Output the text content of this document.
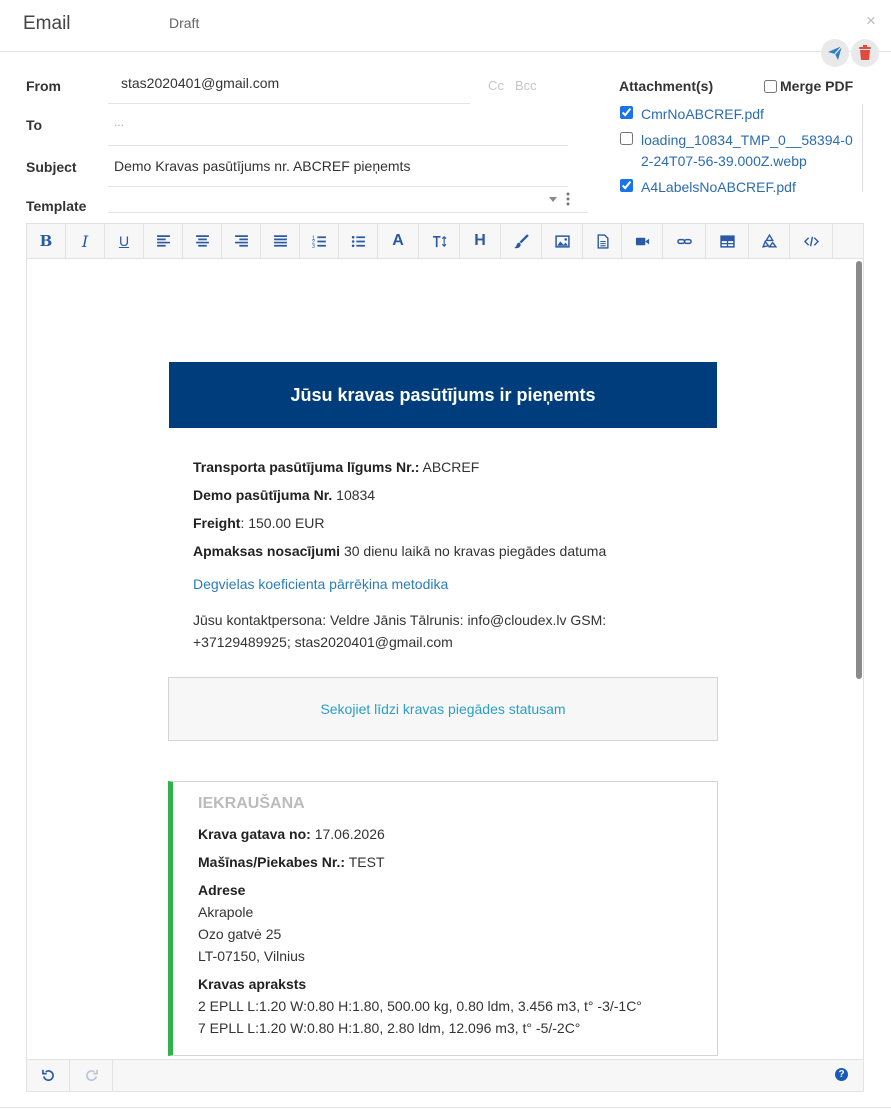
Email	Draft	×
From	stas2020401@gmail.com	Cc Bcc
To	...
Subject	Demo Kravas pasūtījums nr. ABCREF pieņemts
Template
Attachment(s)	Merge PDF
CmrNoABCREF.pdf
loading_10834_TMP_0__58394-02-24T07-56-39.000Z.webp
A4LabelsNoABCREF.pdf
B I U	1
2
3	A	H
Jūsu kravas pasūtījums ir pieņemts
Transporta pasūtījuma līgums Nr.: ABCREF
Demo pasūtījuma Nr. 10834
Freight: 150.00 EUR
Apmaksas nosacījumi 30 dienu laikā no kravas piegādes datuma
Degvielas koeficienta pārrēķina metodika
Jūsu kontaktpersona: Veldre Jānis Tālrunis: info@cloudex.lv GSM: +37129489925; stas2020401@gmail.com
Sekojiet līdzi kravas piegādes statusam
IEKRAUŠANA
Krava gatava no: 17.06.2026
Mašīnas/Piekabes Nr.: TEST
Adrese
Akrapole
Ozo gatvė 25
LT-07150, Vilnius
Kravas apraksts
2 EPLL L:1.20 W:0.80 H:1.80, 500.00 kg, 0.80 ldm, 3.456 m3, t° -3/-1C°
7 EPLL L:1.20 W:0.80 H:1.80, 2.80 ldm, 12.096 m3, t° -5/-2C°
?
